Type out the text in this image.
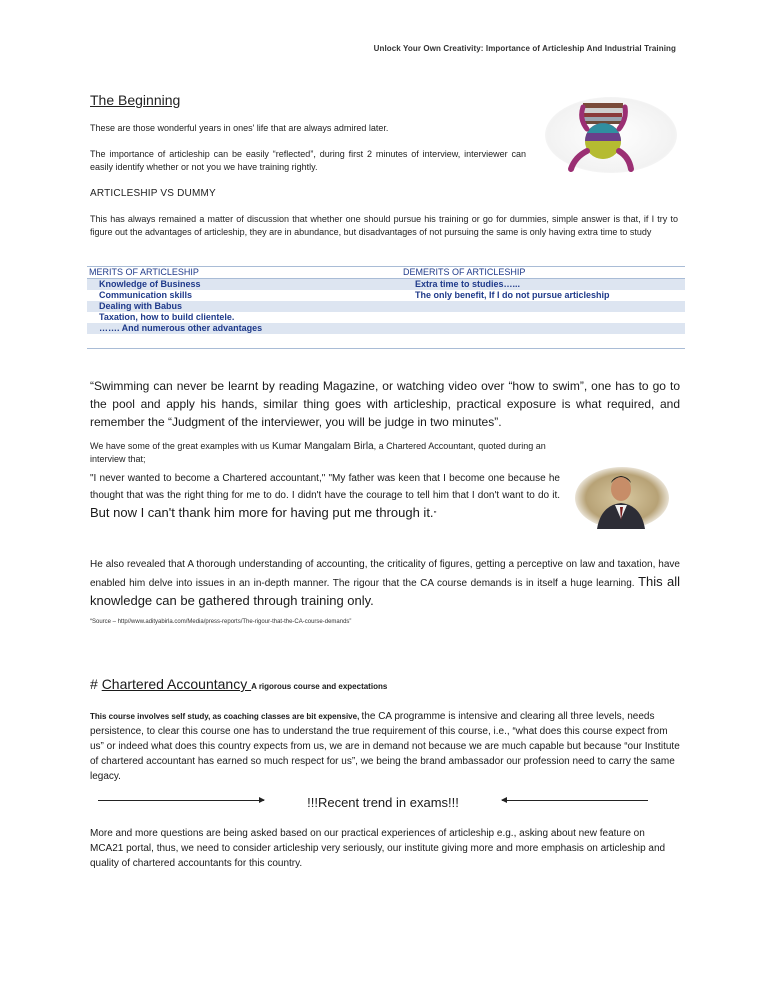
Unlock Your Own Creativity: Importance of Articleship And Industrial Training
The Beginning
These are those wonderful years in ones' life that are always admired later.
The importance of articleship can be easily “reflected”, during first 2 minutes of interview, interviewer can easily identify whether or not you we have training rightly.
ARTICLESHIP VS DUMMY
This has always remained a matter of discussion that whether one should pursue his training or go for dummies, simple answer is that, if I try to figure out the advantages of articleship, they are in abundance, but disadvantages of not pursuing the same is only having extra time to study
MERITS OF ARTICLESHIP	DEMERITS OF ARTICLESHIP
Knowledge of Business	Extra time to studies…...
Communication skills	The only benefit, If I do not pursue articleship
Dealing with Babus	
Taxation, how to build clientele.	
……. And numerous other advantages	

“Swimming can never be learnt by reading Magazine, or watching video over “how to swim”, one has to go to the pool and apply his hands, similar thing goes with articleship, practical exposure is what required, and remember the “Judgment of the interviewer, you will be judge in two minutes”.
We have some of the great examples with us Kumar Mangalam Birla, a Chartered Accountant, quoted during an interview that;
"I never wanted to become a Chartered accountant," "My father was keen that I become one because he thought that was the right thing for me to do. I didn't have the courage to tell him that I don't want to do it. But now I can't thank him more for having put me through it."
He also revealed that A thorough understanding of accounting, the criticality of figures, getting a perceptive on law and taxation, have enabled him delve into issues in an in-depth manner. The rigour that the CA course demands is in itself a huge learning. This all knowledge can be gathered through training only.
“Source – http//www.adityabirla.com/Media/press-reports/The-rigour-that-the-CA-course-demands”
# Chartered Accountancy A rigorous course and expectations
This course involves self study, as coaching classes are bit expensive, the CA programme is intensive and clearing all three levels, needs persistence, to clear this course one has to understand the true requirement of this course, i.e., “what does this course expect from us” or indeed what does this country expects from us, we are in demand not because we are much capable but because “our Institute of chartered accountant has earned so much respect for us”, we being the brand ambassador our profession need to carry the same legacy.
!!!Recent trend in exams!!!
More and more questions are being asked based on our practical experiences of articleship e.g., asking about new feature on MCA21 portal, thus, we need to consider articleship very seriously, our institute giving more and more emphasis on articleship and quality of chartered accountants for this country.
